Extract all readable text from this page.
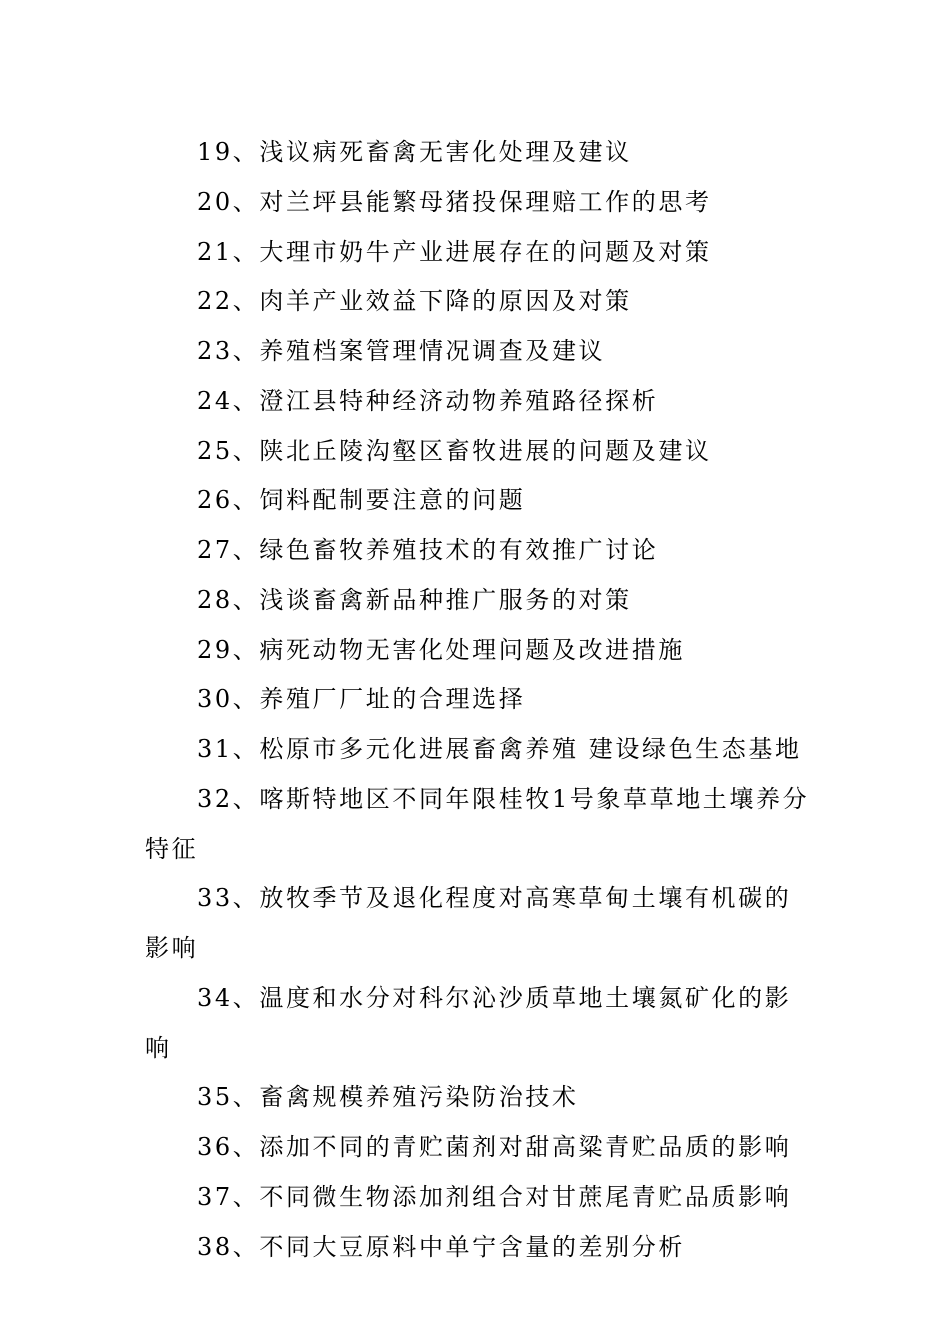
19、浅议病死畜禽无害化处理及建议
20、对兰坪县能繁母猪投保理赔工作的思考
21、大理市奶牛产业进展存在的问题及对策
22、肉羊产业效益下降的原因及对策
23、养殖档案管理情况调查及建议
24、澄江县特种经济动物养殖路径探析
25、陕北丘陵沟壑区畜牧进展的问题及建议
26、饲料配制要注意的问题
27、绿色畜牧养殖技术的有效推广讨论
28、浅谈畜禽新品种推广服务的对策
29、病死动物无害化处理问题及改进措施
30、养殖厂厂址的合理选择
31、松原市多元化进展畜禽养殖 建设绿色生态基地
32、喀斯特地区不同年限桂牧1号象草草地土壤养分特征
33、放牧季节及退化程度对高寒草甸土壤有机碳的影响
34、温度和水分对科尔沁沙质草地土壤氮矿化的影响
35、畜禽规模养殖污染防治技术
36、添加不同的青贮菌剂对甜高粱青贮品质的影响
37、不同微生物添加剂组合对甘蔗尾青贮品质影响
38、不同大豆原料中单宁含量的差别分析
